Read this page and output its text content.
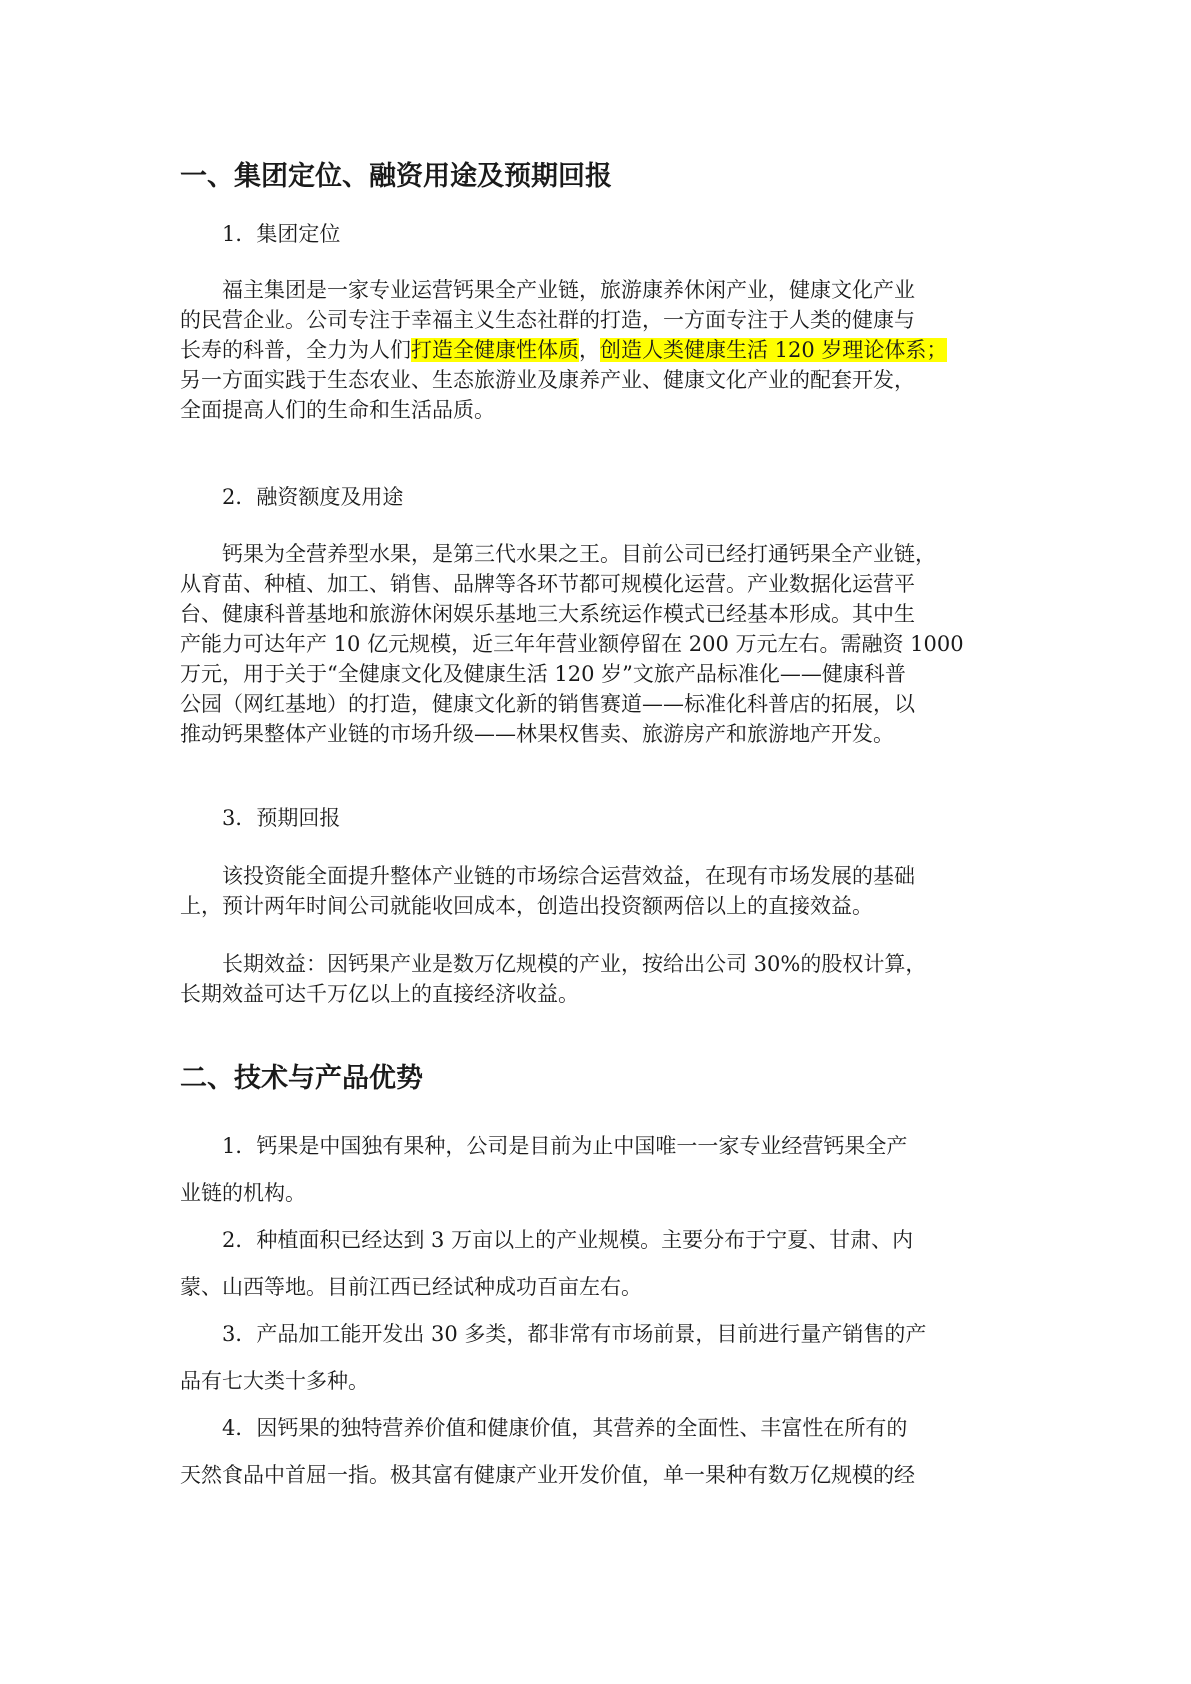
一、集团定位、融资用途及预期回报

1．集团定位

福主集团是一家专业运营钙果全产业链，旅游康养休闲产业，健康文化产业
的民营企业。公司专注于幸福主义生态社群的打造，一方面专注于人类的健康与
长寿的科普，全力为人们打造全健康性体质，创造人类健康生活 120 岁理论体系；
另一方面实践于生态农业、生态旅游业及康养产业、健康文化产业的配套开发，
全面提高人们的生命和生活品质。

2．融资额度及用途

钙果为全营养型水果，是第三代水果之王。目前公司已经打通钙果全产业链，
从育苗、种植、加工、销售、品牌等各环节都可规模化运营。产业数据化运营平
台、健康科普基地和旅游休闲娱乐基地三大系统运作模式已经基本形成。其中生
产能力可达年产 10 亿元规模，近三年年营业额停留在 200 万元左右。需融资 1000
万元，用于关于“全健康文化及健康生活 120 岁”文旅产品标准化——健康科普
公园（网红基地）的打造，健康文化新的销售赛道——标准化科普店的拓展，以
推动钙果整体产业链的市场升级——林果权售卖、旅游房产和旅游地产开发。

3．预期回报

该投资能全面提升整体产业链的市场综合运营效益，在现有市场发展的基础
上，预计两年时间公司就能收回成本，创造出投资额两倍以上的直接效益。
长期效益：因钙果产业是数万亿规模的产业，按给出公司 30%的股权计算，
长期效益可达千万亿以上的直接经济收益。
二、技术与产品优势
1．钙果是中国独有果种，公司是目前为止中国唯一一家专业经营钙果全产
业链的机构。
2．种植面积已经达到 3 万亩以上的产业规模。主要分布于宁夏、甘肃、内
蒙、山西等地。目前江西已经试种成功百亩左右。
3．产品加工能开发出 30 多类，都非常有市场前景，目前进行量产销售的产
品有七大类十多种。
4．因钙果的独特营养价值和健康价值，其营养的全面性、丰富性在所有的
天然食品中首屈一指。极其富有健康产业开发价值，单一果种有数万亿规模的经
